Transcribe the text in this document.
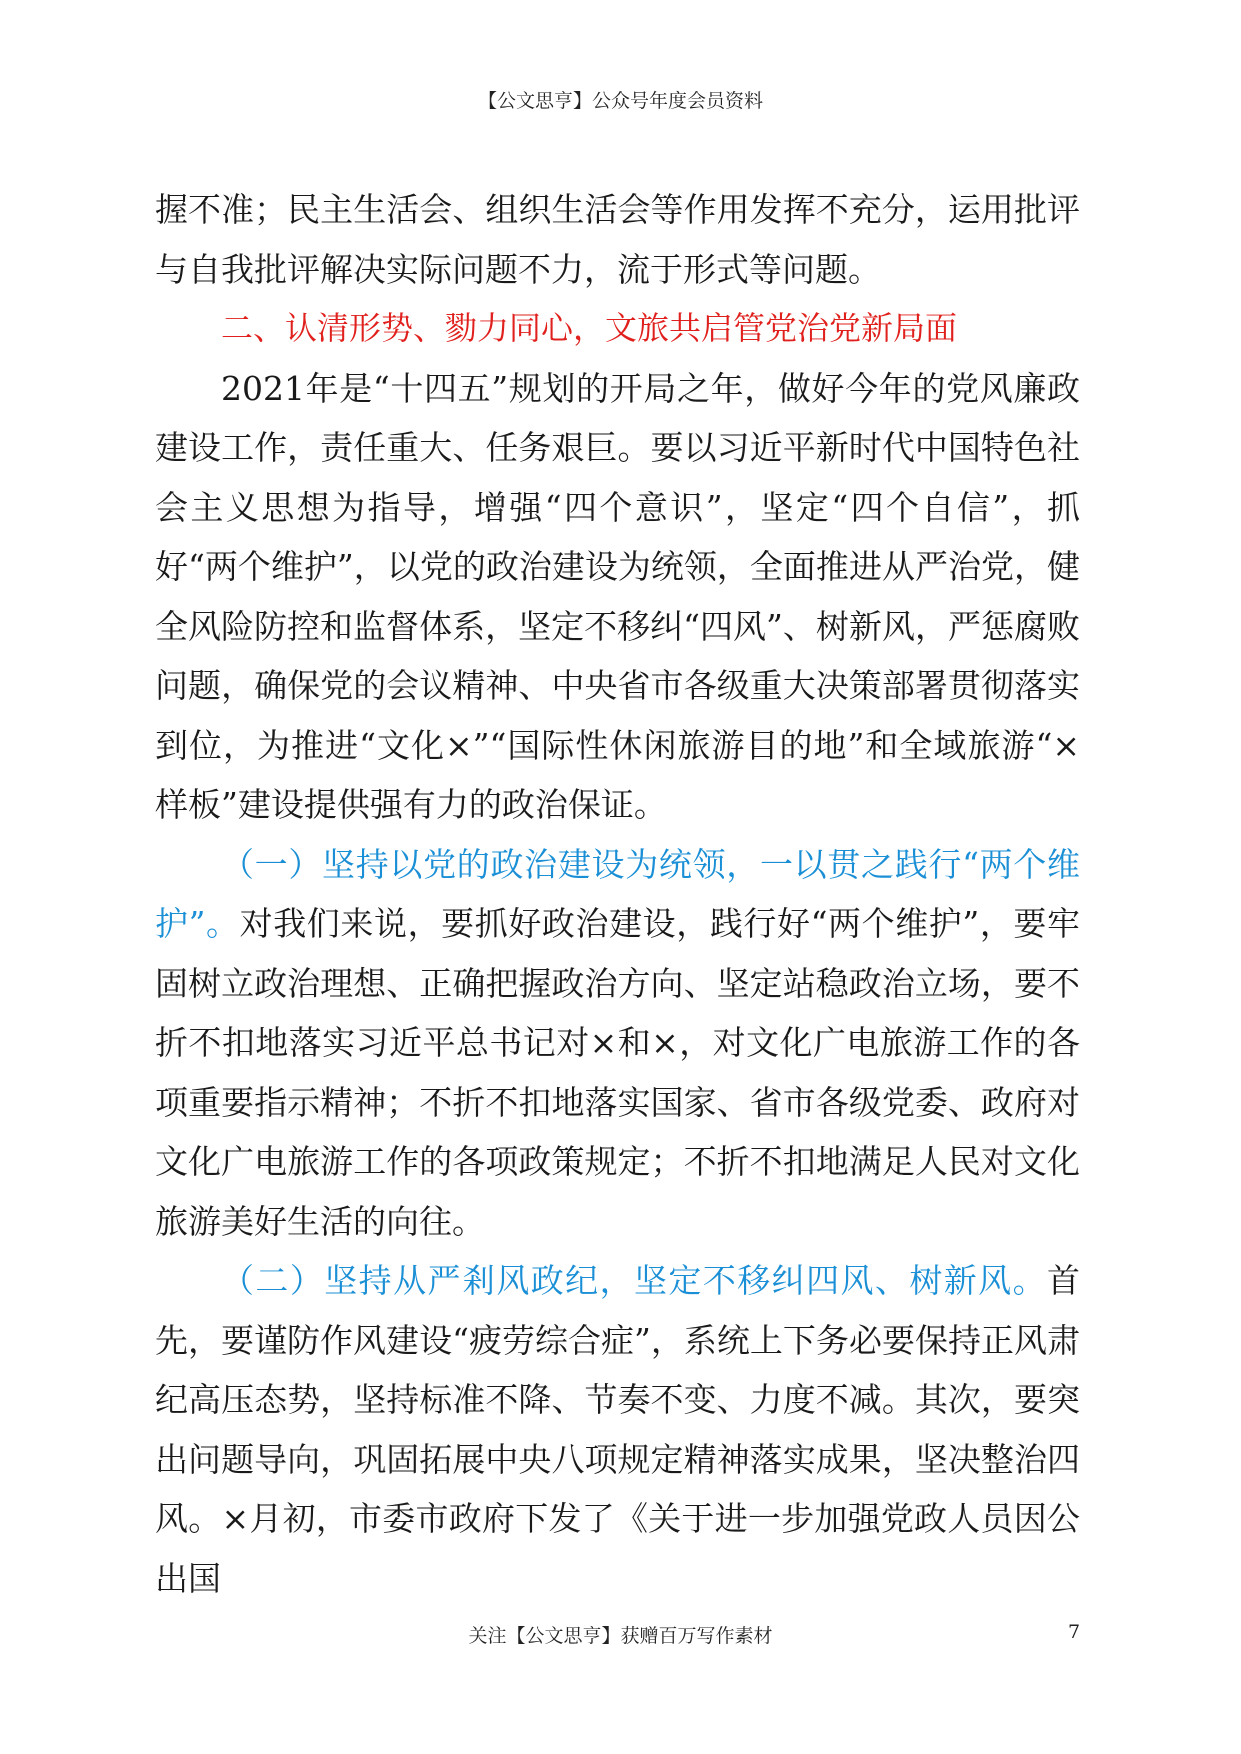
【公文思亨】公众号年度会员资料

握不准；民主生活会、组织生活会等作用发挥不充分，运用批评与自我批评解决实际问题不力，流于形式等问题。

二、认清形势、勠力同心，文旅共启管党治党新局面

2021年是“十四五”规划的开局之年，做好今年的党风廉政建设工作，责任重大、任务艰巨。要以习近平新时代中国特色社会主义思想为指导，增强“四个意识”，坚定“四个自信”，抓好“两个维护”，以党的政治建设为统领，全面推进从严治党，健全风险防控和监督体系，坚定不移纠“四风”、树新风，严惩腐败问题，确保党的会议精神、中央省市各级重大决策部署贯彻落实到位，为推进“文化×”“国际性休闲旅游目的地”和全域旅游“×样板”建设提供强有力的政治保证。

（一）坚持以党的政治建设为统领，一以贯之践行“两个维护”。对我们来说，要抓好政治建设，践行好“两个维护”，要牢固树立政治理想、正确把握政治方向、坚定站稳政治立场，要不折不扣地落实习近平总书记对×和×，对文化广电旅游工作的各项重要指示精神；不折不扣地落实国家、省市各级党委、政府对文化广电旅游工作的各项政策规定；不折不扣地满足人民对文化旅游美好生活的向往。

（二）坚持从严剎风政纪，坚定不移纠四风、树新风。首先，要谨防作风建设“疲劳综合症”，系统上下务必要保持正风肃纪高压态势，坚持标准不降、节奏不变、力度不减。其次，要突出问题导向，巩固拓展中央八项规定精神落实成果，坚决整治四风。×月初，市委市政府下发了《关于进一步加强党政人员因公出国

关注【公文思亨】获赠百万写作素材	7
